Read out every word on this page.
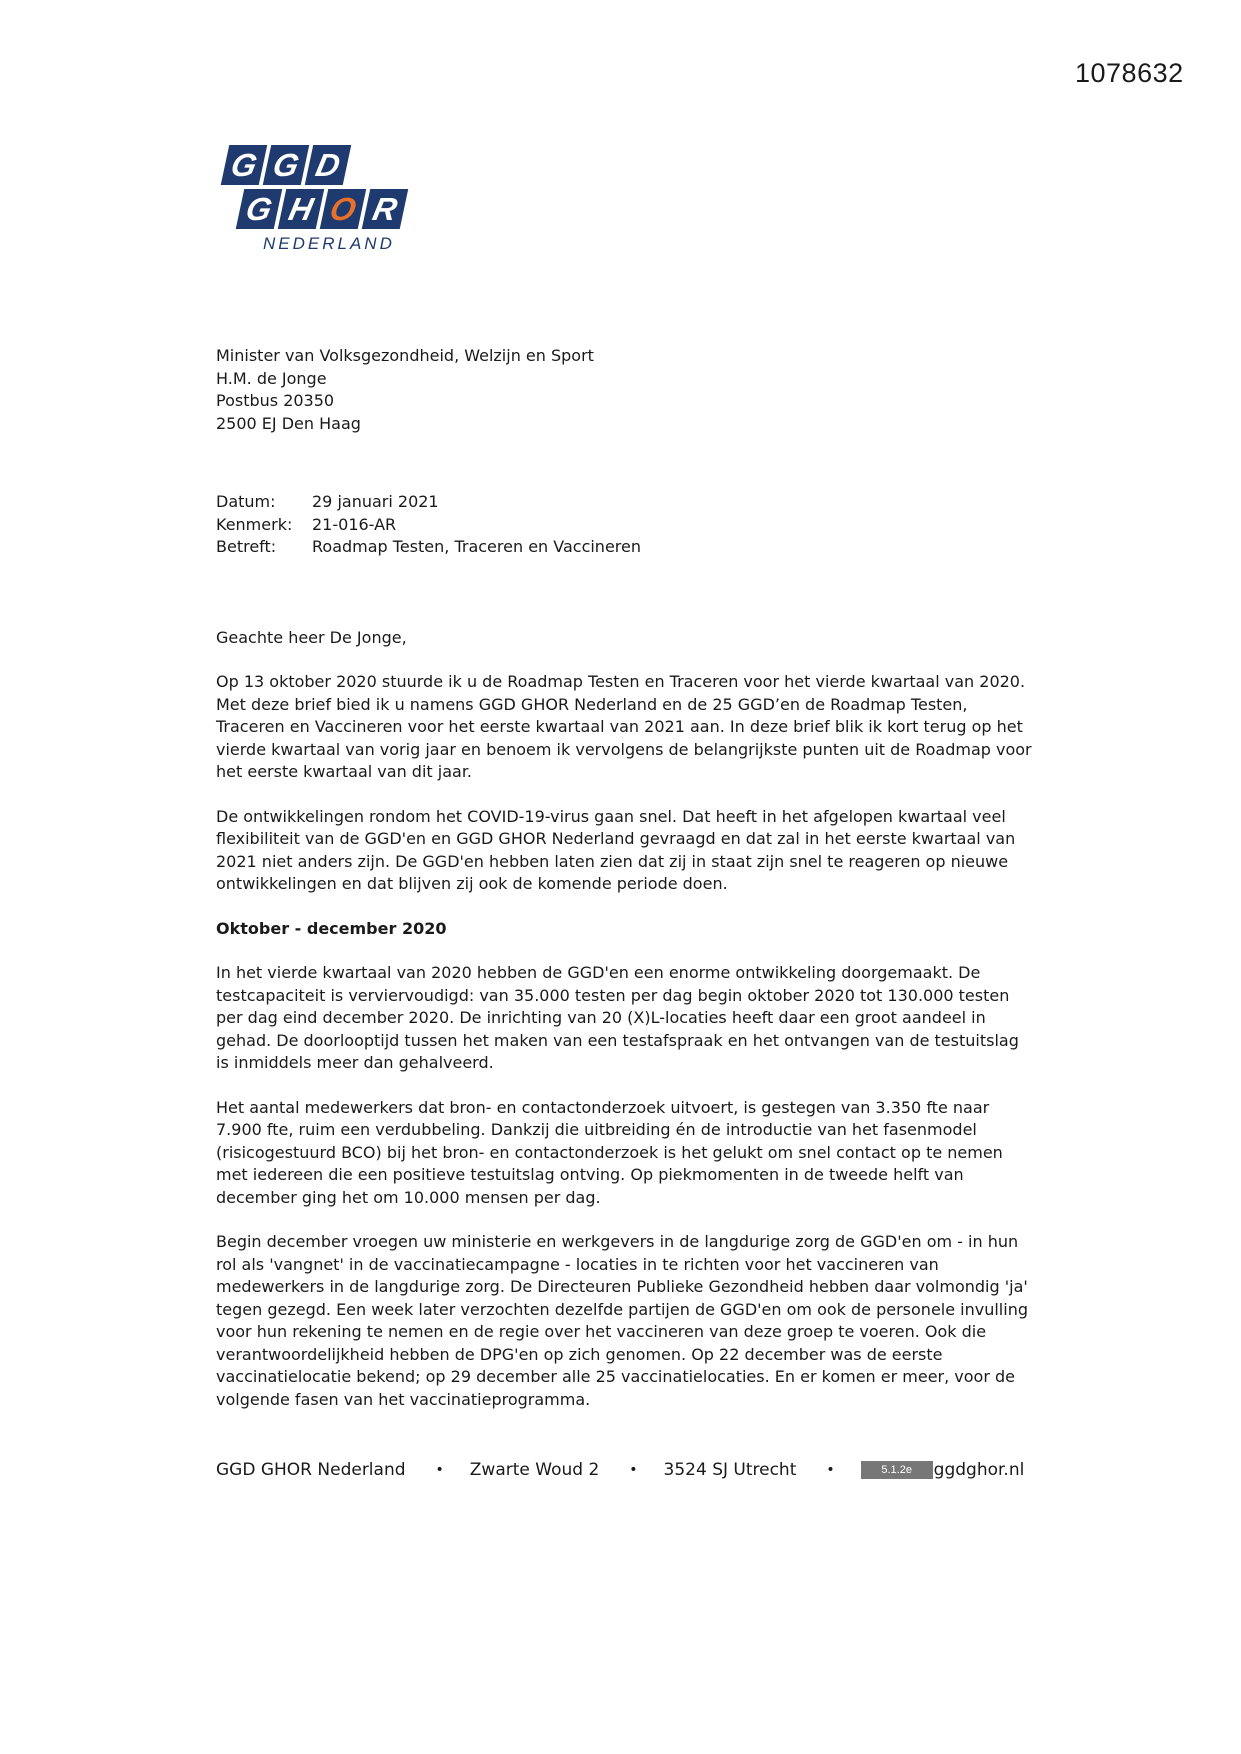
1078632
G G D
G H O R
NEDERLAND
Minister van Volksgezondheid, Welzijn en Sport
H.M. de Jonge
Postbus 20350
2500 EJ Den Haag
Datum:	29 januari 2021
Kenmerk:	21-016-AR
Betreft:	Roadmap Testen, Traceren en Vaccineren
Geachte heer De Jonge,
Op 13 oktober 2020 stuurde ik u de Roadmap Testen en Traceren voor het vierde kwartaal van 2020. Met deze brief bied ik u namens GGD GHOR Nederland en de 25 GGD’en de Roadmap Testen, Traceren en Vaccineren voor het eerste kwartaal van 2021 aan. In deze brief blik ik kort terug op het vierde kwartaal van vorig jaar en benoem ik vervolgens de belangrijkste punten uit de Roadmap voor het eerste kwartaal van dit jaar.
De ontwikkelingen rondom het COVID-19-virus gaan snel. Dat heeft in het afgelopen kwartaal veel flexibiliteit van de GGD'en en GGD GHOR Nederland gevraagd en dat zal in het eerste kwartaal van 2021 niet anders zijn. De GGD'en hebben laten zien dat zij in staat zijn snel te reageren op nieuwe ontwikkelingen en dat blijven zij ook de komende periode doen.
Oktober - december 2020
In het vierde kwartaal van 2020 hebben de GGD'en een enorme ontwikkeling doorgemaakt. De testcapaciteit is verviervoudigd: van 35.000 testen per dag begin oktober 2020 tot 130.000 testen per dag eind december 2020. De inrichting van 20 (X)L-locaties heeft daar een groot aandeel in gehad. De doorlooptijd tussen het maken van een testafspraak en het ontvangen van de testuitslag is inmiddels meer dan gehalveerd.
Het aantal medewerkers dat bron- en contactonderzoek uitvoert, is gestegen van 3.350 fte naar 7.900 fte, ruim een verdubbeling. Dankzij die uitbreiding én de introductie van het fasenmodel (risicogestuurd BCO) bij het bron- en contactonderzoek is het gelukt om snel contact op te nemen met iedereen die een positieve testuitslag ontving. Op piekmomenten in de tweede helft van december ging het om 10.000 mensen per dag.
Begin december vroegen uw ministerie en werkgevers in de langdurige zorg de GGD'en om - in hun rol als 'vangnet' in de vaccinatiecampagne - locaties in te richten voor het vaccineren van medewerkers in de langdurige zorg. De Directeuren Publieke Gezondheid hebben daar volmondig 'ja' tegen gezegd. Een week later verzochten dezelfde partijen de GGD'en om ook de personele invulling voor hun rekening te nemen en de regie over het vaccineren van deze groep te voeren. Ook die verantwoordelijkheid hebben de DPG'en op zich genomen. Op 22 december was de eerste vaccinatielocatie bekend; op 29 december alle 25 vaccinatielocaties. En er komen er meer, voor de volgende fasen van het vaccinatieprogramma.
GGD GHOR Nederland • Zwarte Woud 2 • 3524 SJ Utrecht •	5.1.2e	ggdghor.nl
